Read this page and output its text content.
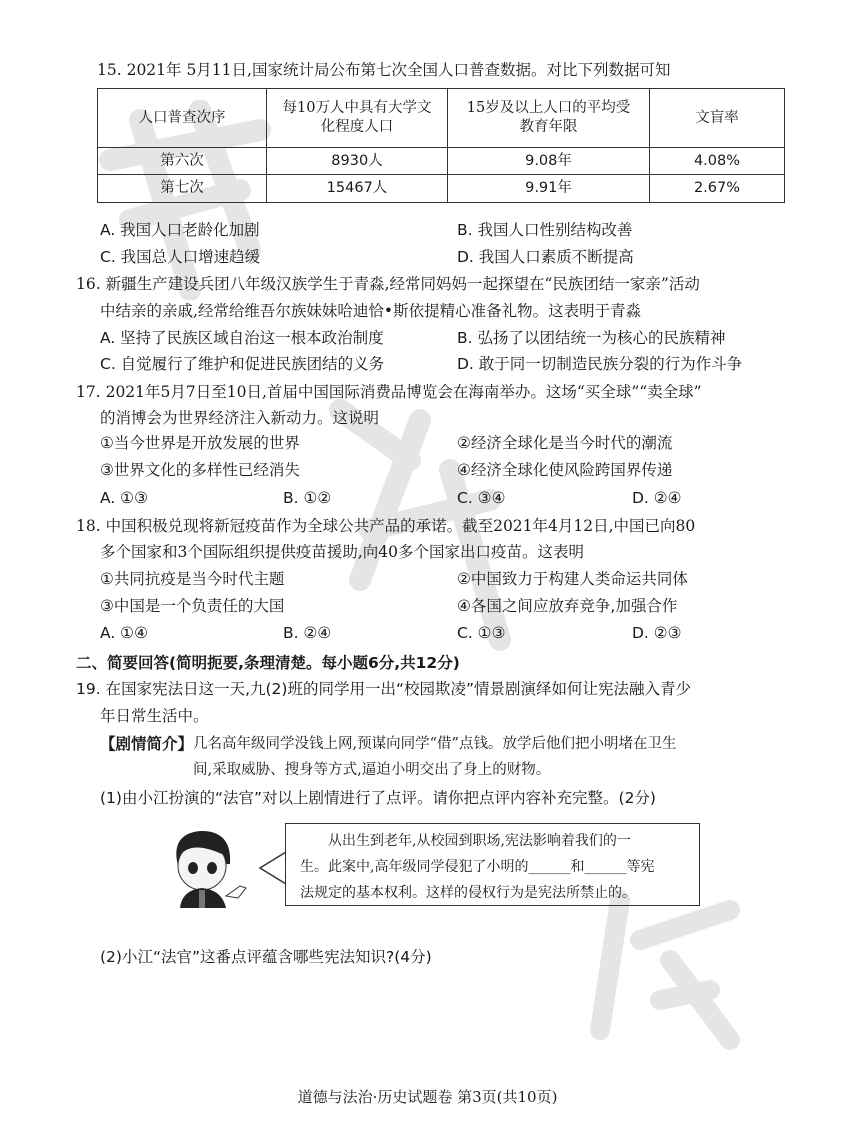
15. 2021年 5月11日,国家统计局公布第七次全国人口普查数据。对比下列数据可知
人口普查次序	每10万人中具有大学文化程度人口	15岁及以上人口的平均受教育年限	文盲率
第六次	8930人	9.08年	4.08%
第七次	15467人	9.91年	2.67%
A. 我国人口老龄化加剧	B. 我国人口性别结构改善
C. 我国总人口增速趋缓	D. 我国人口素质不断提高
16. 新疆生产建设兵团八年级汉族学生于青淼,经常同妈妈一起探望在“民族团结一家亲”活动
中结亲的亲戚,经常给维吾尔族妹妹哈迪恰•斯依提精心准备礼物。这表明于青淼
A. 坚持了民族区域自治这一根本政治制度	B. 弘扬了以团结统一为核心的民族精神
C. 自觉履行了维护和促进民族团结的义务	D. 敢于同一切制造民族分裂的行为作斗争
17. 2021年5月7日至10日,首届中国国际消费品博览会在海南举办。这场“买全球”“卖全球”
的消博会为世界经济注入新动力。这说明
①当今世界是开放发展的世界	②经济全球化是当今时代的潮流
③世界文化的多样性已经消失	④经济全球化使风险跨国界传递
A. ①③	B. ①②	C. ③④	D. ②④
18. 中国积极兑现将新冠疫苗作为全球公共产品的承诺。截至2021年4月12日,中国已向80
多个国家和3个国际组织提供疫苗援助,向40多个国家出口疫苗。这表明
①共同抗疫是当今时代主题	②中国致力于构建人类命运共同体
③中国是一个负责任的大国	④各国之间应放弃竞争,加强合作
A. ①④	B. ②④	C. ①③	D. ②③
二、简要回答(简明扼要,条理清楚。每小题6分,共12分)
19. 在国家宪法日这一天,九(2)班的同学用一出“校园欺凌”情景剧演绎如何让宪法融入青少
年日常生活中。
【剧情简介】 几名高年级同学没钱上网,预谋向同学“借”点钱。放学后他们把小明堵在卫生
间,采取威胁、搜身等方式,逼迫小明交出了身上的财物。
(1)由小江扮演的“法官”对以上剧情进行了点评。请你把点评内容补充完整。(2分)
从出生到老年,从校园到职场,宪法影响着我们的一
生。此案中,高年级同学侵犯了小明的______和______等宪
法规定的基本权利。这样的侵权行为是宪法所禁止的。
(2)小江“法官”这番点评蕴含哪些宪法知识?(4分)
道德与法治·历史试题卷 第3页(共10页)
